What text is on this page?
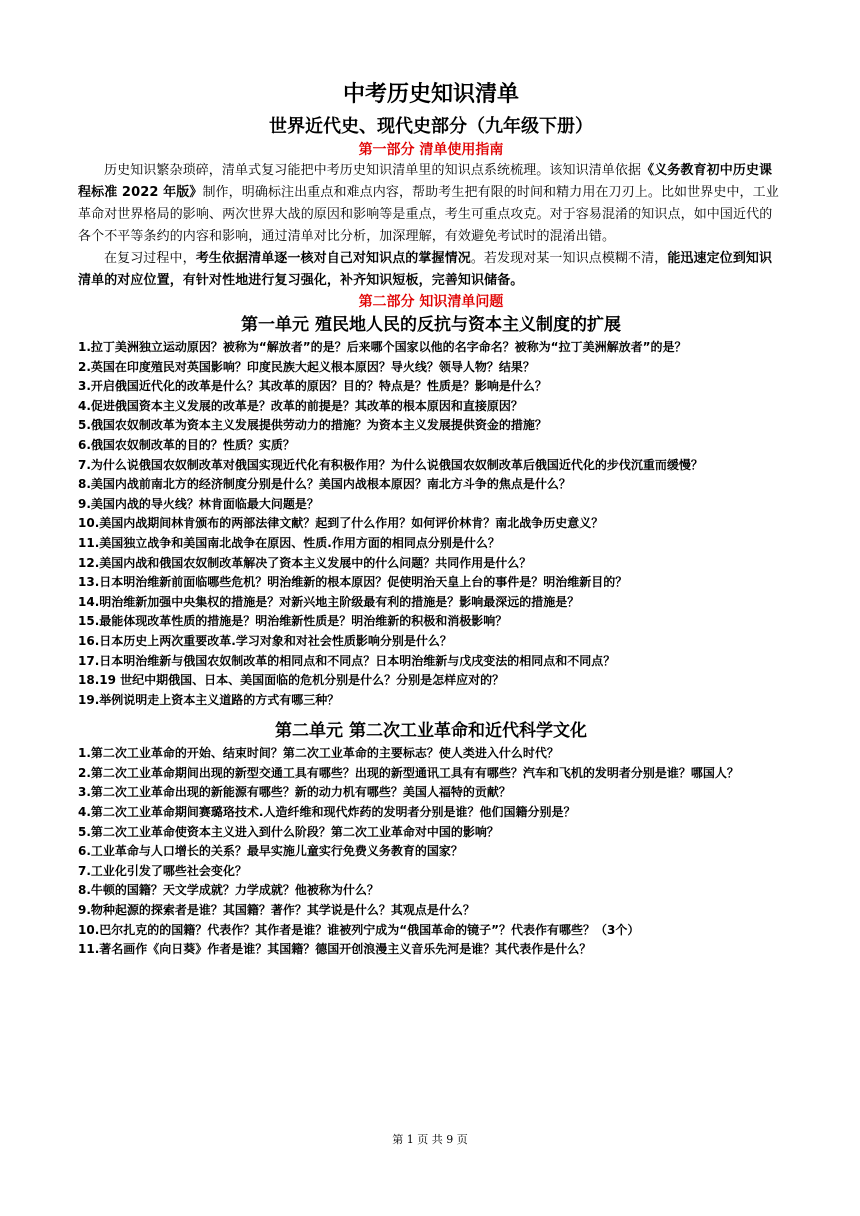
中考历史知识清单
世界近代史、现代史部分（九年级下册）
第一部分 清单使用指南

历史知识繁杂琐碎，清单式复习能把中考历史知识清单里的知识点系统梳理。该知识清单依据《义务教育初中历史课程标准 2022 年版》制作，明确标注出重点和难点内容，帮助考生把有限的时间和精力用在刀刃上。比如世界史中，工业革命对世界格局的影响、两次世界大战的原因和影响等是重点，考生可重点攻克。对于容易混淆的知识点，如中国近代的各个不平等条约的内容和影响，通过清单对比分析，加深理解，有效避免考试时的混淆出错。

在复习过程中，考生依据清单逐一核对自己对知识点的掌握情况。若发现对某一知识点模糊不清，能迅速定位到知识清单的对应位置，有针对性地进行复习强化，补齐知识短板，完善知识储备。

第二部分 知识清单问题
第一单元 殖民地人民的反抗与资本主义制度的扩展
1.拉丁美洲独立运动原因？被称为“解放者”的是？后来哪个国家以他的名字命名？被称为“拉丁美洲解放者”的是？
2.英国在印度殖民对英国影响？印度民族大起义根本原因？导火线？领导人物？结果？
3.开启俄国近代化的改革是什么？其改革的原因？目的？特点是？性质是？影响是什么？
4.促进俄国资本主义发展的改革是？改革的前提是？其改革的根本原因和直接原因？
5.俄国农奴制改革为资本主义发展提供劳动力的措施？为资本主义发展提供资金的措施？
6.俄国农奴制改革的目的？性质？实质？
7.为什么说俄国农奴制改革对俄国实现近代化有积极作用？为什么说俄国农奴制改革后俄国近代化的步伐沉重而缓慢？
8.美国内战前南北方的经济制度分别是什么？美国内战根本原因？南北方斗争的焦点是什么？
9.美国内战的导火线？林肯面临最大问题是？
10.美国内战期间林肯颁布的两部法律文献？起到了什么作用？如何评价林肯？南北战争历史意义？
11.美国独立战争和美国南北战争在原因、性质.作用方面的相同点分别是什么？
12.美国内战和俄国农奴制改革解决了资本主义发展中的什么问题？共同作用是什么？
13.日本明治维新前面临哪些危机？明治维新的根本原因？促使明治天皇上台的事件是？明治维新目的？
14.明治维新加强中央集权的措施是？对新兴地主阶级最有利的措施是？影响最深远的措施是？
15.最能体现改革性质的措施是？明治维新性质是？明治维新的积极和消极影响？
16.日本历史上两次重要改革.学习对象和对社会性质影响分别是什么？
17.日本明治维新与俄国农奴制改革的相同点和不同点？日本明治维新与戊戌变法的相同点和不同点？
18.19 世纪中期俄国、日本、美国面临的危机分别是什么？分别是怎样应对的？
19.举例说明走上资本主义道路的方式有哪三种？
第二单元 第二次工业革命和近代科学文化
1.第二次工业革命的开始、结束时间？第二次工业革命的主要标志？使人类进入什么时代？
2.第二次工业革命期间出现的新型交通工具有哪些？出现的新型通讯工具有有哪些？汽车和飞机的发明者分别是谁？哪国人？
3.第二次工业革命出现的新能源有哪些？新的动力机有哪些？美国人福特的贡献？
4.第二次工业革命期间赛璐珞技术.人造纤维和现代炸药的发明者分别是谁？他们国籍分别是？
5.第二次工业革命使资本主义进入到什么阶段？第二次工业革命对中国的影响？
6.工业革命与人口增长的关系？最早实施儿童实行免费义务教育的国家？
7.工业化引发了哪些社会变化？
8.牛顿的国籍？天文学成就？力学成就？他被称为什么？
9.物种起源的探索者是谁？其国籍？著作？其学说是什么？其观点是什么？
10.巴尔扎克的的国籍？代表作？其作者是谁？谁被列宁成为“俄国革命的镜子”？代表作有哪些？（3个）
11.著名画作《向日葵》作者是谁？其国籍？德国开创浪漫主义音乐先河是谁？其代表作是什么？
第 1 页 共 9 页
